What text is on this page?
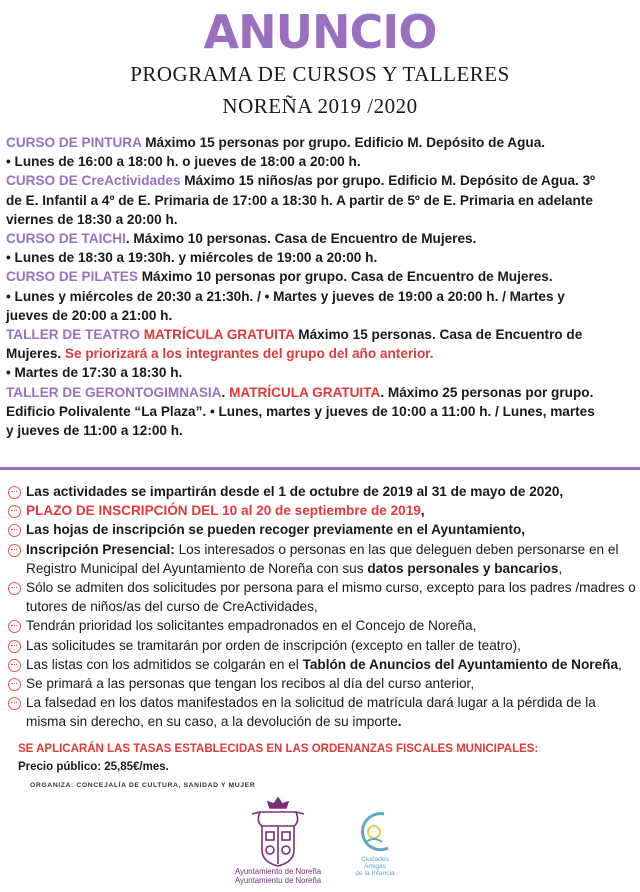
ANUNCIO
PROGRAMA DE CURSOS Y TALLERES
NOREÑA 2019 /2020

CURSO DE PINTURA Máximo 15 personas por grupo. Edificio M. Depósito de Agua.

• Lunes de 16:00 a 18:00 h. o jueves de 18:00 a 20:00 h.

CURSO DE CreActividades Máximo 15 niños/as por grupo. Edificio M. Depósito de Agua. 3º de E. Infantil a 4º de E. Primaria de 17:00 a 18:30 h. A partir de 5º de E. Primaria en adelante viernes de 18:30 a 20:00 h.

CURSO DE TAICHI. Máximo 10 personas. Casa de Encuentro de Mujeres.

• Lunes de 18:30 a 19:30h. y miércoles de 19:00 a 20:00 h.

CURSO DE PILATES Máximo 10 personas por grupo. Casa de Encuentro de Mujeres.

• Lunes y miércoles de 20:30 a 21:30h. / • Martes y jueves de 19:00 a 20:00 h. / Martes y jueves de 20:00 a 21:00 h.

TALLER DE TEATRO MATRÍCULA GRATUITA Máximo 15 personas. Casa de Encuentro de Mujeres. Se priorizará a los integrantes del grupo del año anterior.

• Martes de 17:30 a 18:30 h.

TALLER DE GERONTOGIMNASIA. MATRÍCULA GRATUITA. Máximo 25 personas por grupo. Edificio Polivalente “La Plaza”. • Lunes, martes y jueves de 10:00 a 11:00 h. / Lunes, martes y jueves de 11:00 a 12:00 h.

Las actividades se impartirán desde el 1 de octubre de 2019 al 31 de mayo de 2020,
PLAZO DE INSCRIPCIÓN DEL 10 al 20 de septiembre de 2019,
Las hojas de inscripción se pueden recoger previamente en el Ayuntamiento,
Inscripción Presencial: Los interesados o personas en las que deleguen deben personarse en el Registro Municipal del Ayuntamiento de Noreña con sus datos personales y bancarios,
Sólo se admiten dos solicitudes por persona para el mismo curso, excepto para los padres /madres o tutores de niños/as del curso de CreActividades,
Tendrán prioridad los solicitantes empadronados en el Concejo de Noreña,
Las solicitudes se tramitarán por orden de inscripción (excepto en taller de teatro),
Las listas con los admitidos se colgarán en el Tablón de Anuncios del Ayuntamiento de Noreña,
Se primará a las personas que tengan los recibos al día del curso anterior,
La falsedad en los datos manifestados en la solicitud de matrícula dará lugar a la pérdida de la misma sin derecho, en su caso, a la devolución de su importe.
SE APLICARÁN LAS TASAS ESTABLECIDAS EN LAS ORDENANZAS FISCALES MUNICIPALES:
Precio público: 25,85€/mes.
ORGANIZA: CONCEJALÍA DE CULTURA, SANIDAD Y MUJER
Ayuntamiento de Noreña
Ayuntamientu de Noreña
Ciudades
Amigas
de la Infancia
